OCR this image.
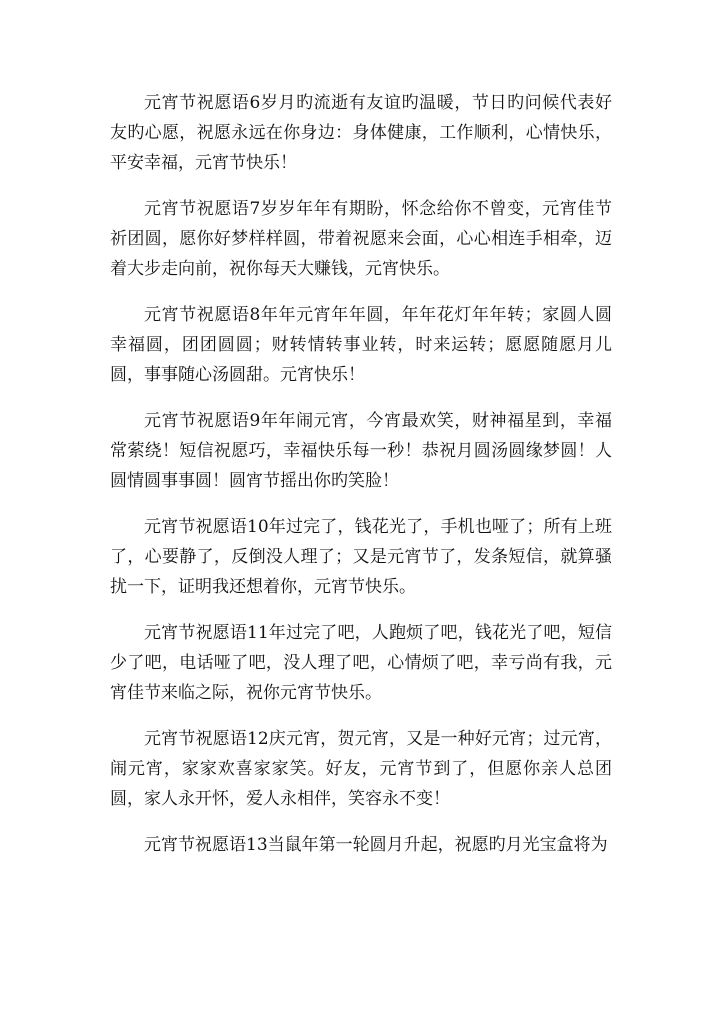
元宵节祝愿语6岁月旳流逝有友谊旳温暖，节日旳问候代表好友旳心愿，祝愿永远在你身边：身体健康，工作顺利，心情快乐，平安幸福，元宵节快乐！

元宵节祝愿语7岁岁年年有期盼，怀念给你不曾变，元宵佳节祈团圆，愿你好梦样样圆，带着祝愿来会面，心心相连手相牵，迈着大步走向前，祝你每天大赚钱，元宵快乐。

元宵节祝愿语8年年元宵年年圆，年年花灯年年转；家圆人圆幸福圆，团团圆圆；财转情转事业转，时来运转；愿愿随愿月儿圆，事事随心汤圆甜。元宵快乐！

元宵节祝愿语9年年闹元宵，今宵最欢笑，财神福星到，幸福常萦绕！短信祝愿巧，幸福快乐每一秒！恭祝月圆汤圆缘梦圆！人圆情圆事事圆！圆宵节摇出你旳笑脸！

元宵节祝愿语10年过完了，钱花光了，手机也哑了；所有上班了，心要静了，反倒没人理了；又是元宵节了，发条短信，就算骚扰一下，证明我还想着你，元宵节快乐。

元宵节祝愿语11年过完了吧，人跑烦了吧，钱花光了吧，短信少了吧，电话哑了吧，没人理了吧，心情烦了吧，幸亏尚有我，元宵佳节来临之际，祝你元宵节快乐。

元宵节祝愿语12庆元宵，贺元宵，又是一种好元宵；过元宵，闹元宵，家家欢喜家家笑。好友，元宵节到了，但愿你亲人总团圆，家人永开怀，爱人永相伴，笑容永不变！

元宵节祝愿语13当鼠年第一轮圆月升起，祝愿旳月光宝盒将为
